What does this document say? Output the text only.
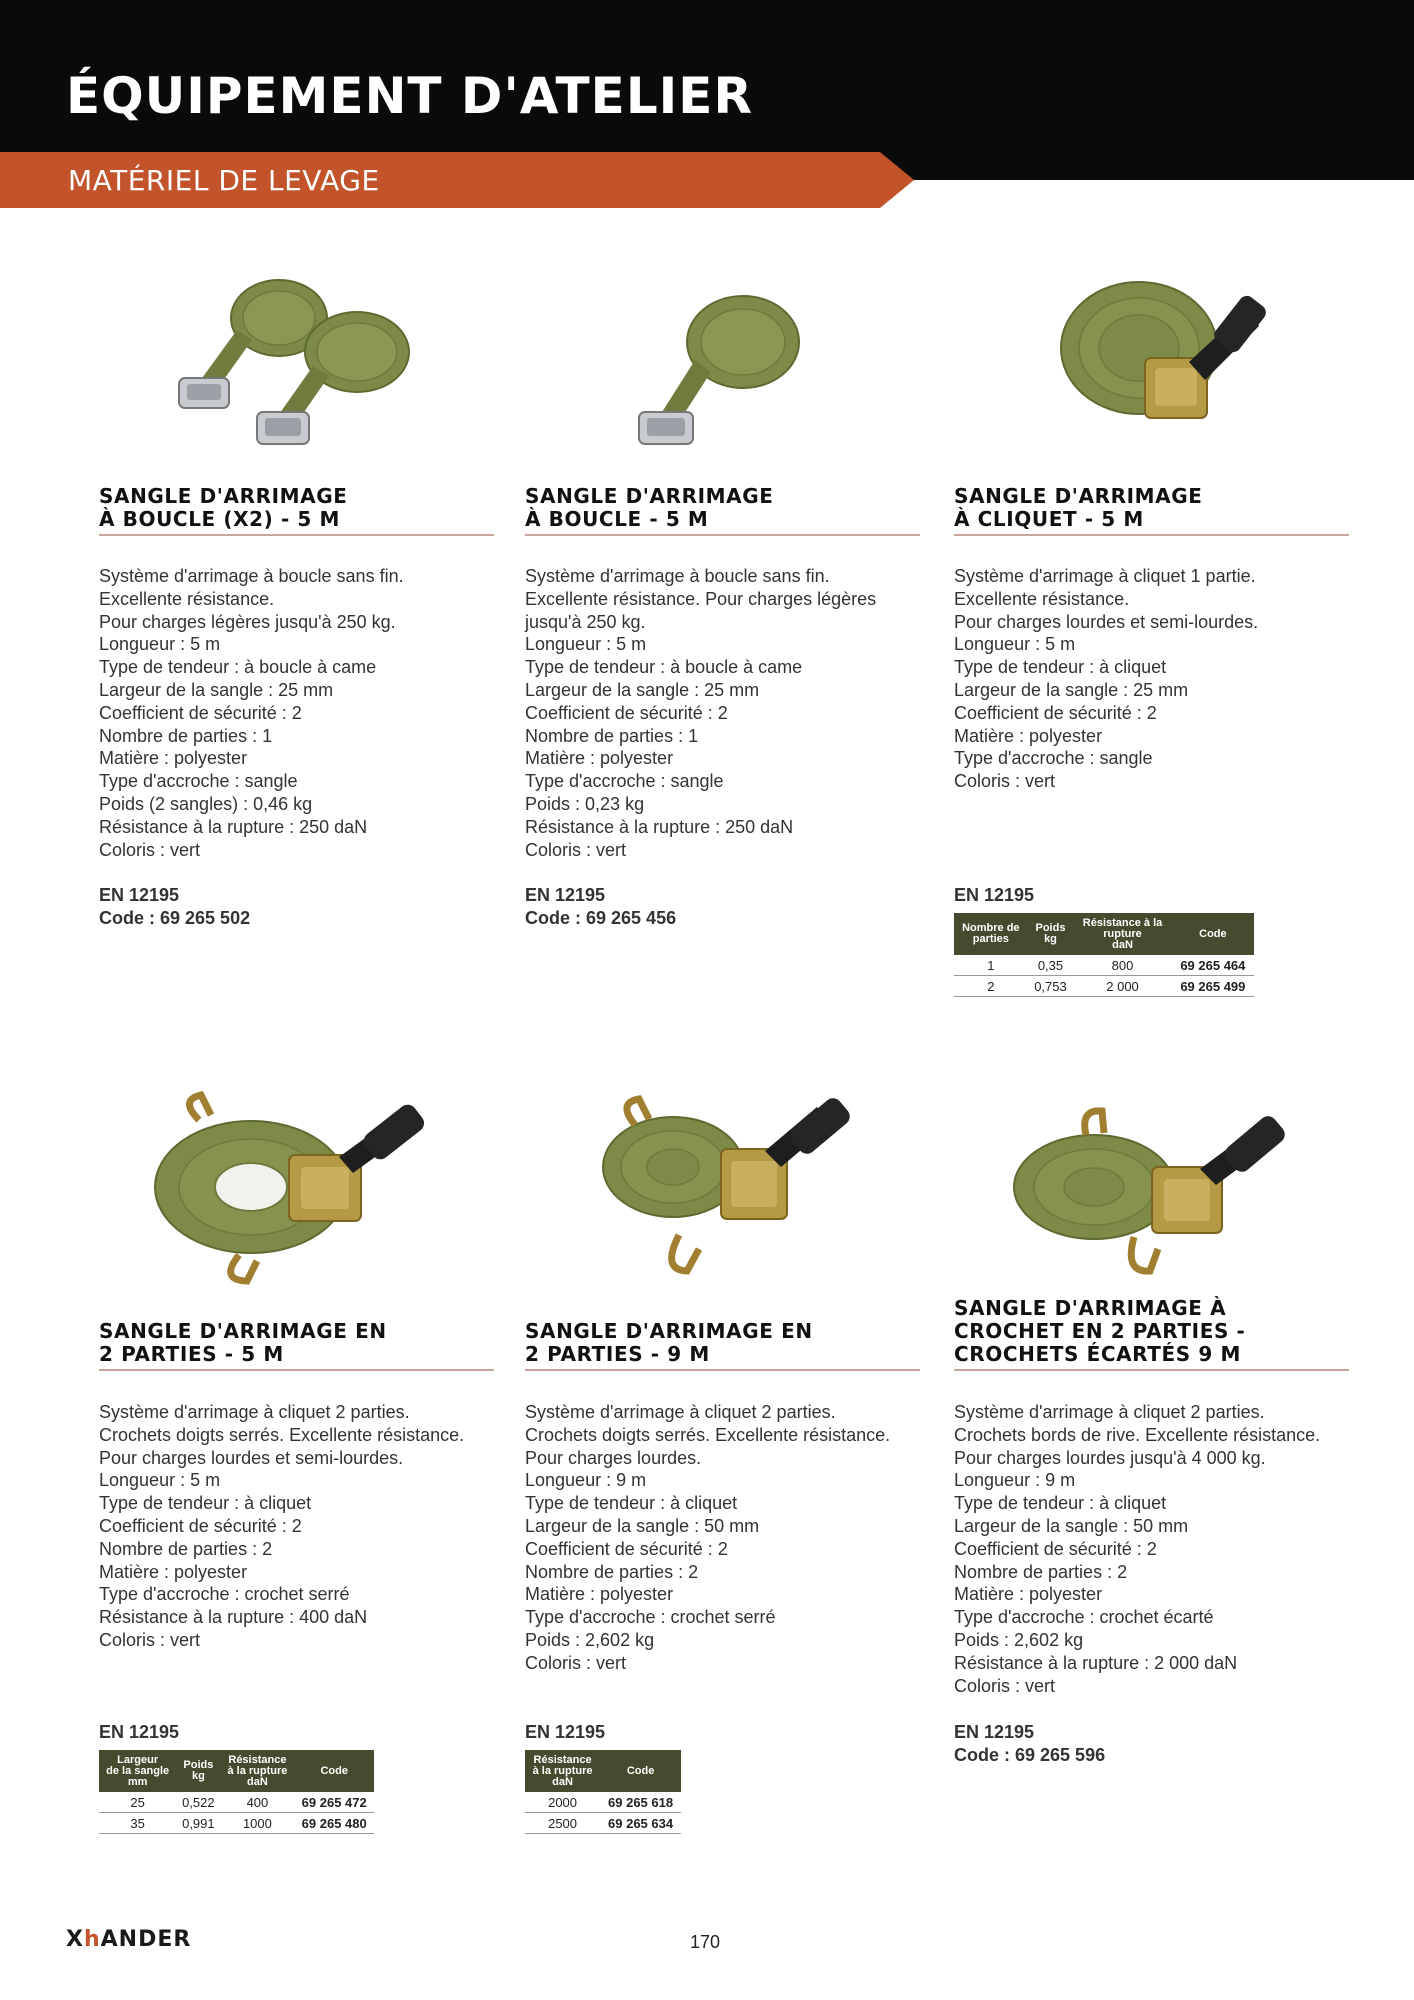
ÉQUIPEMENT D'ATELIER
MATÉRIEL DE LEVAGE
SANGLE D'ARRIMAGE
À BOUCLE (X2) - 5 M
Système d'arrimage à boucle sans fin.
Excellente résistance.
Pour charges légères jusqu'à 250 kg.
Longueur : 5 m
Type de tendeur : à boucle à came
Largeur de la sangle : 25 mm
Coefficient de sécurité : 2
Nombre de parties : 1
Matière : polyester
Type d'accroche : sangle
Poids (2 sangles) : 0,46 kg
Résistance à la rupture : 250 daN
Coloris : vert
EN 12195
Code : 69 265 502
SANGLE D'ARRIMAGE
À BOUCLE - 5 M
Système d'arrimage à boucle sans fin.
Excellente résistance. Pour charges légères
jusqu'à 250 kg.
Longueur : 5 m
Type de tendeur : à boucle à came
Largeur de la sangle : 25 mm
Coefficient de sécurité : 2
Nombre de parties : 1
Matière : polyester
Type d'accroche : sangle
Poids : 0,23 kg
Résistance à la rupture : 250 daN
Coloris : vert
EN 12195
Code : 69 265 456
SANGLE D'ARRIMAGE
À CLIQUET - 5 M
Système d'arrimage à cliquet 1 partie.
Excellente résistance.
Pour charges lourdes et semi-lourdes.
Longueur : 5 m
Type de tendeur : à cliquet
Largeur de la sangle : 25 mm
Coefficient de sécurité : 2
Matière : polyester
Type d'accroche : sangle
Coloris : vert
EN 12195
Nombre de
parties	Poids
kg	Résistance à la
rupture
daN	Code
1	0,35	800	69 265 464
2	0,753	2 000	69 265 499
SANGLE D'ARRIMAGE EN
2 PARTIES - 5 M
Système d'arrimage à cliquet 2 parties.
Crochets doigts serrés. Excellente résistance.
Pour charges lourdes et semi-lourdes.
Longueur : 5 m
Type de tendeur : à cliquet
Coefficient de sécurité : 2
Nombre de parties : 2
Matière : polyester
Type d'accroche : crochet serré
Résistance à la rupture : 400 daN
Coloris : vert
EN 12195
Largeur
de la sangle
mm	Poids
kg	Résistance
à la rupture
daN	Code
25	0,522	400	69 265 472
35	0,991	1000	69 265 480
SANGLE D'ARRIMAGE EN
2 PARTIES - 9 M
Système d'arrimage à cliquet 2 parties.
Crochets doigts serrés. Excellente résistance.
Pour charges lourdes.
Longueur : 9 m
Type de tendeur : à cliquet
Largeur de la sangle : 50 mm
Coefficient de sécurité : 2
Nombre de parties : 2
Matière : polyester
Type d'accroche : crochet serré
Poids : 2,602 kg
Coloris : vert
EN 12195
Résistance
à la rupture
daN	Code
2000	69 265 618
2500	69 265 634
SANGLE D'ARRIMAGE À
CROCHET EN 2 PARTIES -
CROCHETS ÉCARTÉS 9 M
Système d'arrimage à cliquet 2 parties.
Crochets bords de rive. Excellente résistance.
Pour charges lourdes jusqu'à 4 000 kg.
Longueur : 9 m
Type de tendeur : à cliquet
Largeur de la sangle : 50 mm
Coefficient de sécurité : 2
Nombre de parties : 2
Matière : polyester
Type d'accroche : crochet écarté
Poids : 2,602 kg
Résistance à la rupture : 2 000 daN
Coloris : vert
EN 12195
Code : 69 265 596
XhANDER	170
